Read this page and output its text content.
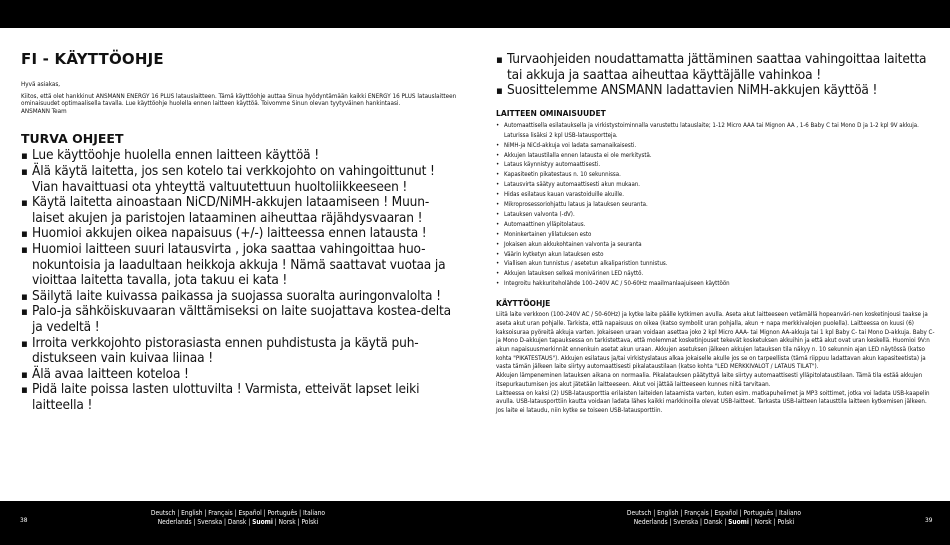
FI - KÄYTTÖOHJE

Hyvä asiakas,

Kiitos, että olet hankkinut ANSMANN ENERGY 16 PLUS latauslaitteen. Tämä käyttöohje auttaa Sinua hyödyntämään kaikki ENERGY 16 PLUS latauslaitteen ominaisuudet optimaalisella tavalla. Lue käyttöohje huolella ennen laitteen käyttöä. Toivomme Sinun olevan tyytyväinen hankintaasi.

ANSMANN Team

TURVA OHJEET
▪ Lue käyttöohje huolella ennen laitteen käyttöä !
▪ Älä käytä laitetta, jos sen kotelo tai verkkojohto on vahingoittunut ! Vian havaittuasi ota yhteyttä valtuutettuun huoltoliikkeeseen !
▪ Käytä laitetta ainoastaan NiCD/NiMH-akkujen lataamiseen ! Muun-laiset akujen ja paristojen lataaminen aiheuttaa räjähdysvaaran !
▪ Huomioi akkujen oikea napaisuus (+/-) laitteessa ennen latausta !
▪ Huomioi laitteen suuri latausvirta , joka saattaa vahingoittaa huo-nokuntoisia ja laadultaan heikkoja akkuja ! Nämä saattavat vuotaa ja vioittaa laitetta tavalla, jota takuu ei kata !
▪ Säilytä laite kuivassa paikassa ja suojassa suoralta auringonvalolta !
▪ Palo-ja sähköiskuvaaran välttämiseksi on laite suojattava kostea-delta ja vedeltä !
▪ Irroita verkkojohto pistorasiasta ennen puhdistusta ja käytä puh-distukseen vain kuivaa liinaa !
▪ Älä avaa laitteen koteloa !
▪ Pidä laite poissa lasten ulottuvilta ! Varmista, etteivät lapset leiki laitteella !
▪ Turvaohjeiden noudattamatta jättäminen saattaa vahingoittaa laitetta tai akkuja ja saattaa aiheuttaa käyttäjälle vahinkoa !
▪ Suosittelemme ANSMANN ladattavien NiMH-akkujen käyttöä !
LAITTEEN OMINAISUUDET
• Automaattisella esilatauksella ja virkistystoiminnalla varustettu latauslaite; 1-12 Micro AAA tai Mignon AA , 1-6 Baby C tai Mono D ja 1-2 kpl 9V akkuja. Laturissa lisäksi 2 kpl USB-latausportteja.
• NiMH-ja NiCd-akkuja voi ladata samanaikaisesti.
• Akkujen lataustilalla ennen latausta ei ole merkitystä.
• Lataus käynnistyy automaattisesti.
• Kapasiteetin pikatestaus n. 10 sekunnissa.
• Latausvirta säätyy automaattisesti akun mukaan.
• Hidas esilataus kauan varastoiduille akuille.
• Mikroprosessoriohjattu lataus ja latauksen seuranta.
• Latauksen valvonta (-dV).
• Automaattinen ylläpitolataus.
• Moninkertainen ylilatuksen esto
• Jokaisen akun akkukohtainen valvonta ja seuranta
• Väärin kytketyn akun latauksen esto
• Viallisen akun tunnistus / asetetun alkaliparistion tunnistus.
• Akkujen latauksen selkeä monivärinen LED näyttö.
• Integroitu hakkuriteholähde 100–240V AC / 50-60Hz maailmanlaajuiseen käyttöön
KÄYTTÖOHJE

Liitä laite verkkoon (100-240V AC / 50-60Hz) ja kytke laite päälle kytkimen avulla. Aseta akut laitteeseen vetämällä hopeanväri-nen kosketinjousi taakse ja aseta akut uran pohjalle. Tarkista, että napaisuus on oikea (katso symbolit uran pohjalla, akun + napa merkkivalojen puolella). Laitteessa on kuusi (6) kaksoisuraa pyöreitä akkuja varten. Jokaiseen uraan voidaan asettaa joko 2 kpl Micro AAA- tai Mignon AA-akkuja tai 1 kpl Baby C- tai Mono D-akkuja. Baby C- ja Mono D-akkujen tapauksessa on tarkistettava, että molemmat kosketinjouset tekevät kosketuksen akkuihin ja että akut ovat uran keskellä. Huomioi 9V:n akun napaisuusmerkinnät ennenkuin asetat akun uraan. Akkujen asetuksen jälkeen akkujen latauksen tila näkyy n. 10 sekunnin ajan LED näytössä (katso kohta "PIKATESTAUS"). Akkujen esilataus ja/tai virkistyslataus alkaa jokaiselle akulle jos se on tarpeellista (tämä riippuu ladattavan akun kapasiteetista) ja vasta tämän jälkeen laite siirtyy automaattisesti pikalataustilaan (katso kohta "LED MERKKIVALOT / LATAUS TILAT").

Akkujen lämpeneminen latauksen aikana on normaalia. Pikalatauksen päätyttyä laite siirtyy automaattisesti ylläpitolataustilaan. Tämä tila estää akkujen itsepurkautumisen jos akut jätetään laitteeseen. Akut voi jättää laitteeseen kunnes niitä tarvitaan.

Laitteessa on kaksi (2) USB-latausporttia erilaisten laiteiden lataamista varten, kuten esim. matkapuhelimet ja MP3 soittimet, jotka voi ladata USB-kaapelin avulla. USB-latausporttiin kautta voidaan ladata lähes kaikki markkinoilla olevat USB-laitteet. Tarkasta USB-laitteen latausttila laitteen kytkemisen jälkeen. Jos laite ei lataudu, niin kytke se toiseen USB-latausporttiin.

38
Deutsch | English | Français | Español | Português | Italiano
Nederlands | Svenska | Dansk | Suomi | Norsk | Polski
Deutsch | English | Français | Español | Português | Italiano
Nederlands | Svenska | Dansk | Suomi | Norsk | Polski	39
